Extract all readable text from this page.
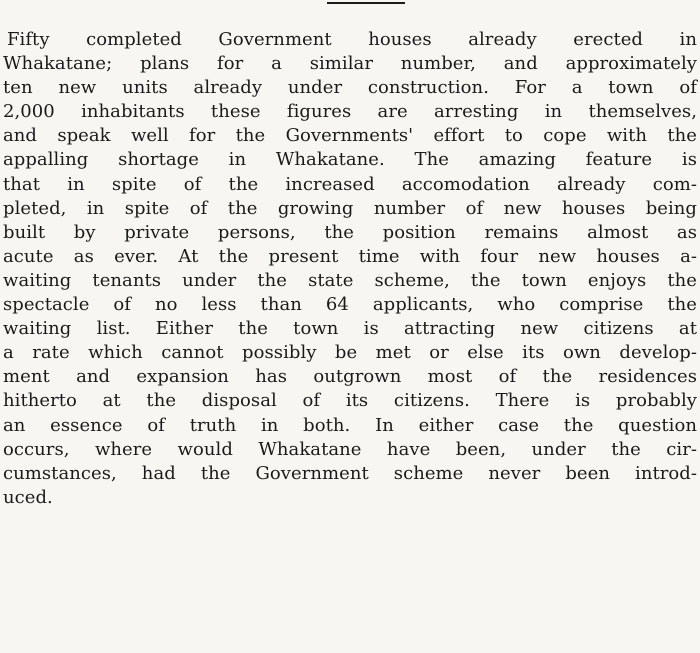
Fifty completed Government houses already erected in
Whakatane; plans for a similar number, and approximately
ten new units already under construction. For a town of
2,000 inhabitants these figures are arresting in themselves,
and speak well for the Governments' effort to cope with the
appalling shortage in Whakatane. The amazing feature is
that in spite of the increased accomodation already com-
pleted, in spite of the growing number of new houses being
built by private persons, the position remains almost as
acute as ever. At the present time with four new houses a-
waiting tenants under the state scheme, the town enjoys the
spectacle of no less than 64 applicants, who comprise the
waiting list. Either the town is attracting new citizens at
a rate which cannot possibly be met or else its own develop-
ment and expansion has outgrown most of the residences
hitherto at the disposal of its citizens. There is probably
an essence of truth in both. In either case the question
occurs, where would Whakatane have been, under the cir-
cumstances, had the Government scheme never been introd-
uced.
